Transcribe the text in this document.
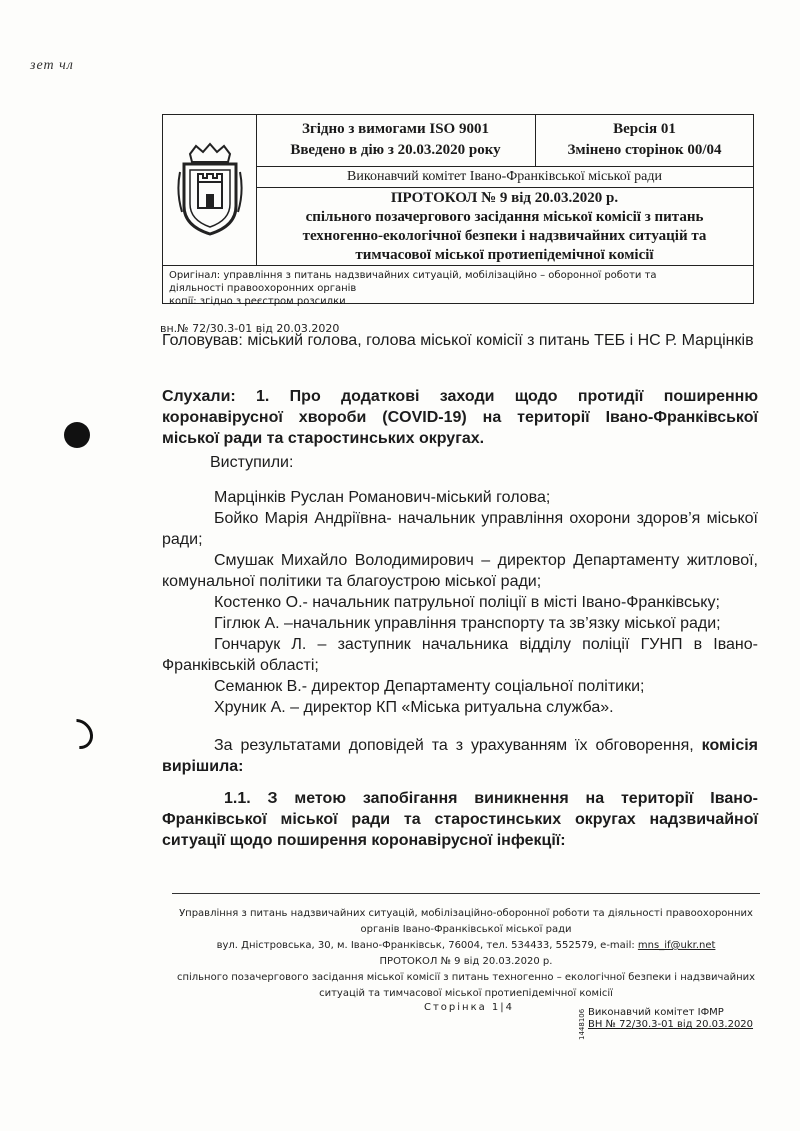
зет чл
Згідно з вимогами ISO 9001
Введено в дію з 20.03.2020 року
Версія 01
Змінено сторінок 00/04
Виконавчий комітет Івано-Франківської міської ради
ПРОТОКОЛ № 9 від 20.03.2020 р.
спільного позачергового засідання міської комісії з питань
техногенно-екологічної безпеки і надзвичайних ситуацій та
тимчасової міської протиепідемічної комісії
Оригінал: управління з питань надзвичайних ситуацій, мобілізаційно – оборонної роботи та
діяльності правоохоронних органів
копії: згідно з реєстром розсилки
вн.№ 72/30.3-01 від 20.03.2020
Головував: міський голова, голова міської комісії з питань ТЕБ і НС Р. Марцінків
Слухали: 1. Про додаткові заходи щодо протидії поширенню коронавірусної хвороби (COVID-19) на території Івано-Франківської міської ради та старостинських округах.
Виступили:

Марцінків Руслан Романович-міський голова;

Бойко Марія Андріївна- начальник управління охорони здоров’я міської ради;

Смушак Михайло Володимирович – директор Департаменту житлової, комунальної політики та благоустрою міської ради;

Костенко О.- начальник патрульної поліції в місті Івано-Франківську;

Гіглюк А. –начальник управління транспорту та зв’язку міської ради;

Гончарук Л. – заступник начальника відділу поліції ГУНП в Івано-Франківській області;

Семанюк В.- директор Департаменту соціальної політики;

Хруник А. – директор КП «Міська ритуальна служба».

За результатами доповідей та з урахуванням їх обговорення, комісія вирішила:
1.1. З метою запобігання виникнення на території Івано-Франківської міської ради та старостинських округах надзвичайної ситуації щодо поширення коронавірусної інфекції:
Управління з питань надзвичайних ситуацій, мобілізаційно-оборонної роботи та діяльності правоохоронних
органів Івано-Франківської міської ради
вул. Дністровська, 30, м. Івано-Франківськ, 76004, тел. 534433, 552579, e-mail: mns_if@ukr.net
ПРОТОКОЛ № 9 від 20.03.2020 р.
спільного позачергового засідання міської комісії з питань техногенно – екологічної безпеки і надзвичайних
ситуацій та тимчасової міської протиепідемічної комісії
Сторінка 1|4	Виконавчий комітет ІФМР
ВН № 72/30.3-01 від 20.03.2020
1448106
